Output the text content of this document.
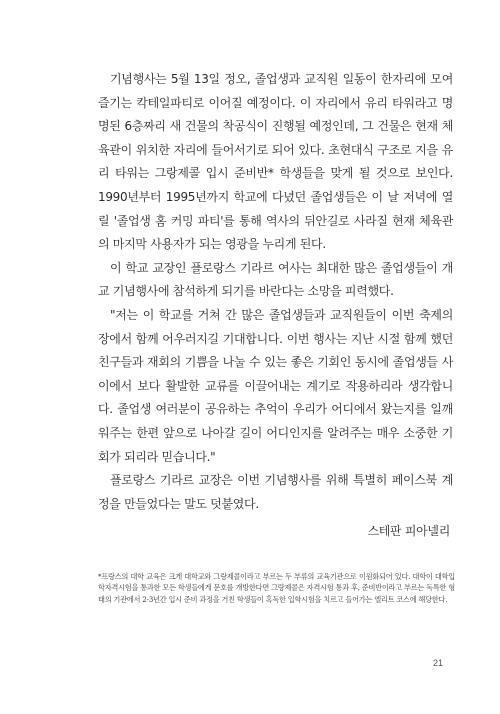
기념행사는 5월 13일 정오, 졸업생과 교직원 일동이 한자리에 모여 즐기는 칵테일파티로 이어질 예정이다. 이 자리에서 유리 타워라고 명명된 6층짜리 새 건물의 착공식이 진행될 예정인데, 그 건물은 현재 체육관이 위치한 자리에 들어서기로 되어 있다. 초현대식 구조로 지을 유리 타워는 그랑제콜 입시 준비반* 학생들을 맞게 될 것으로 보인다. 1990년부터 1995년까지 학교에 다녔던 졸업생들은 이 날 저녁에 열릴 '졸업생 홈 커밍 파티'를 통해 역사의 뒤안길로 사라질 현재 체육관의 마지막 사용자가 되는 영광을 누리게 된다.

이 학교 교장인 플로랑스 기라르 여사는 최대한 많은 졸업생들이 개교 기념행사에 참석하게 되기를 바란다는 소망을 피력했다.

"저는 이 학교를 거쳐 간 많은 졸업생들과 교직원들이 이번 축제의 장에서 함께 어우러지길 기대합니다. 이번 행사는 지난 시절 함께 했던 친구들과 재회의 기쁨을 나눌 수 있는 좋은 기회인 동시에 졸업생들 사이에서 보다 활발한 교류를 이끌어내는 계기로 작용하리라 생각합니다. 졸업생 여러분이 공유하는 추억이 우리가 어디에서 왔는지를 일깨워주는 한편 앞으로 나아갈 길이 어디인지를 알려주는 매우 소중한 기회가 되리라 믿습니다."

플로랑스 기라르 교장은 이번 기념행사를 위해 특별히 페이스북 계정을 만들었다는 말도 덧붙였다.

스테판 피아넬리

*프랑스의 대학 교육은 크게 대학교와 그랑제콜이라고 부르는 두 부류의 교육기관으로 이원화되어 있다. 대학이 대학입학자격시험을 통과한 모든 학생들에게 문호를 개방한다면 그랑제콜은 자격시험 통과 후, 준비반이라고 부르는 독특한 형태의 기관에서 2-3년간 입시 준비 과정을 거친 학생들이 혹독한 입학시험을 치르고 들어가는 엘리트 코스에 해당한다.

21
